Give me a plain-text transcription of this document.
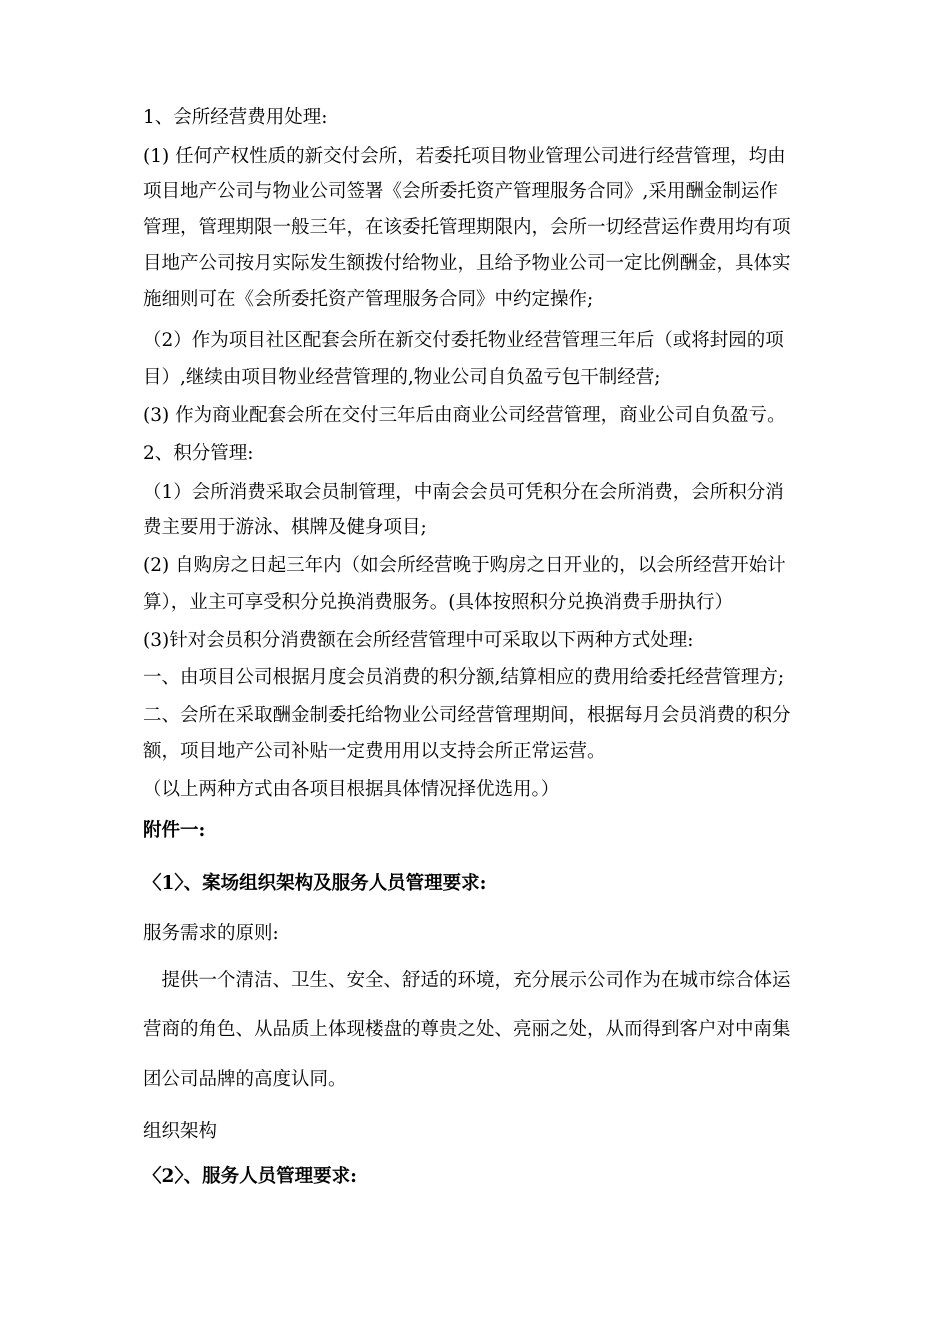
1、会所经营费用处理:
(1) 任何产权性质的新交付会所，若委托项目物业管理公司进行经营管理，均由
项目地产公司与物业公司签署《会所委托资产管理服务合同》,采用酬金制运作
管理，管理期限一般三年，在该委托管理期限内，会所一切经营运作费用均有项
目地产公司按月实际发生额拨付给物业，且给予物业公司一定比例酬金，具体实
施细则可在《会所委托资产管理服务合同》中约定操作;
（2）作为项目社区配套会所在新交付委托物业经营管理三年后（或将封园的项
目）,继续由项目物业经营管理的,物业公司自负盈亏包干制经营;
(3) 作为商业配套会所在交付三年后由商业公司经营管理，商业公司自负盈亏。
2、积分管理:
（1）会所消费采取会员制管理，中南会会员可凭积分在会所消费，会所积分消
费主要用于游泳、棋牌及健身项目;
(2) 自购房之日起三年内（如会所经营晚于购房之日开业的，以会所经营开始计
算），业主可享受积分兑换消费服务。(具体按照积分兑换消费手册执行）
(3)针对会员积分消费额在会所经营管理中可采取以下两种方式处理:
一、由项目公司根据月度会员消费的积分额,结算相应的费用给委托经营管理方;
二、会所在采取酬金制委托给物业公司经营管理期间，根据每月会员消费的积分
额，项目地产公司补贴一定费用用以支持会所正常运营。
（以上两种方式由各项目根据具体情况择优选用。）
附件一:
〈1〉、案场组织架构及服务人员管理要求:
服务需求的原则:
　提供一个清洁、卫生、安全、舒适的环境，充分展示公司作为在城市综合体运
营商的角色、从品质上体现楼盘的尊贵之处、亮丽之处，从而得到客户对中南集
团公司品牌的高度认同。
组织架构
〈2〉、服务人员管理要求:
